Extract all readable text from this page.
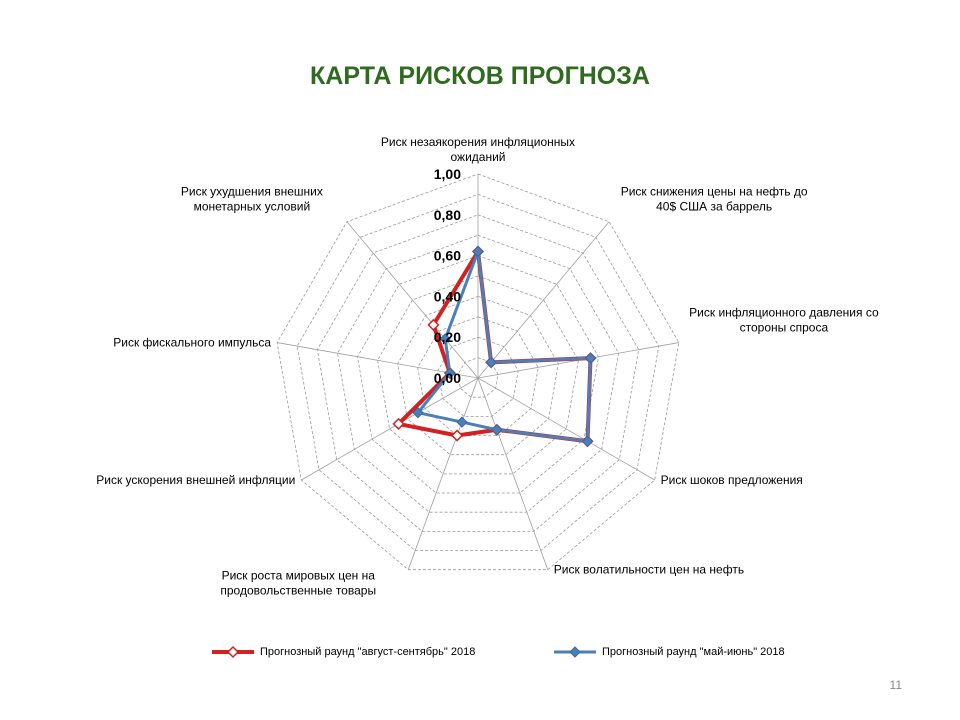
КАРТА РИСКОВ ПРОГНОЗА
0,00
0,20
0,40
0,60
0,80
1,00
Риск незаякорения инфляционных ожиданий
Риск снижения цены на нефть до 40$ США за баррель
Риск инфляционного давления со стороны спроса
Риск шоков предложения
Риск волатильности цен на нефть
Риск роста мировых цен на продовольственные товары
Риск ускорения внешней инфляции
Риск фискального импульса
Риск ухудшения внешних монетарных условий
Прогнозный раунд "август-сентябрь" 2018	Прогнозный раунд "май-июнь" 2018
11
